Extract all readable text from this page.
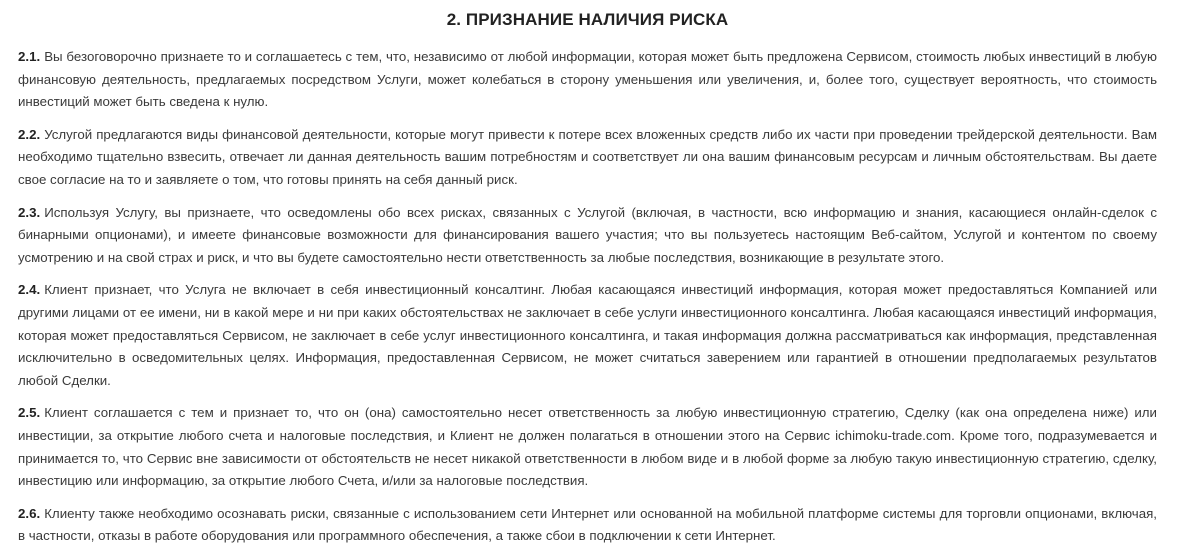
2. ПРИЗНАНИЕ НАЛИЧИЯ РИСКА

2.1. Вы безоговорочно признаете то и соглашаетесь с тем, что, независимо от любой информации, которая может быть предложена Сервисом, стоимость любых инвестиций в любую финансовую деятельность, предлагаемых посредством Услуги, может колебаться в сторону уменьшения или увеличения, и, более того, существует вероятность, что стоимость инвестиций может быть сведена к нулю.

2.2. Услугой предлагаются виды финансовой деятельности, которые могут привести к потере всех вложенных средств либо их части при проведении трейдерской деятельности. Вам необходимо тщательно взвесить, отвечает ли данная деятельность вашим потребностям и соответствует ли она вашим финансовым ресурсам и личным обстоятельствам. Вы даете свое согласие на то и заявляете о том, что готовы принять на себя данный риск.

2.3. Используя Услугу, вы признаете, что осведомлены обо всех рисках, связанных с Услугой (включая, в частности, всю информацию и знания, касающиеся онлайн-сделок с бинарными опционами), и имеете финансовые возможности для финансирования вашего участия; что вы пользуетесь настоящим Веб-сайтом, Услугой и контентом по своему усмотрению и на свой страх и риск, и что вы будете самостоятельно нести ответственность за любые последствия, возникающие в результате этого.

2.4. Клиент признает, что Услуга не включает в себя инвестиционный консалтинг. Любая касающаяся инвестиций информация, которая может предоставляться Компанией или другими лицами от ее имени, ни в какой мере и ни при каких обстоятельствах не заключает в себе услуги инвестиционного консалтинга. Любая касающаяся инвестиций информация, которая может предоставляться Сервисом, не заключает в себе услуг инвестиционного консалтинга, и такая информация должна рассматриваться как информация, представленная исключительно в осведомительных целях. Информация, предоставленная Сервисом, не может считаться заверением или гарантией в отношении предполагаемых результатов любой Сделки.

2.5. Клиент соглашается с тем и признает то, что он (она) самостоятельно несет ответственность за любую инвестиционную стратегию, Сделку (как она определена ниже) или инвестиции, за открытие любого счета и налоговые последствия, и Клиент не должен полагаться в отношении этого на Сервис ichimoku-trade.com. Кроме того, подразумевается и принимается то, что Сервис вне зависимости от обстоятельств не несет никакой ответственности в любом виде и в любой форме за любую такую инвестиционную стратегию, сделку, инвестицию или информацию, за открытие любого Счета, и/или за налоговые последствия.

2.6. Клиенту также необходимо осознавать риски, связанные с использованием сети Интернет или основанной на мобильной платформе системы для торговли опционами, включая, в частности, отказы в работе оборудования или программного обеспечения, а также сбои в подключении к сети Интернет.
